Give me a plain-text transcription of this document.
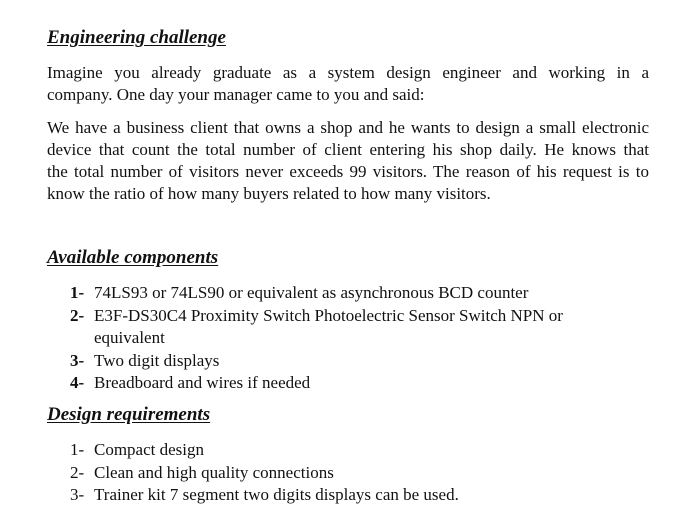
Engineering challenge
Imagine you already graduate as a system design engineer and working in a
company. One day your manager came to you and said:
We have a business client that owns a shop and he wants to design a small electronic
device that count the total number of client entering his shop daily. He knows that
the total number of visitors never exceeds 99 visitors. The reason of his request is to
know the ratio of how many buyers related to how many visitors.
Available components
1- 74LS93 or 74LS90 or equivalent as asynchronous BCD counter
2- E3F-DS30C4 Proximity Switch Photoelectric Sensor Switch NPN or equivalent
3- Two digit displays
4- Breadboard and wires if needed
Design requirements
1- Compact design
2- Clean and high quality connections
3- Trainer kit 7 segment two digits displays can be used.
